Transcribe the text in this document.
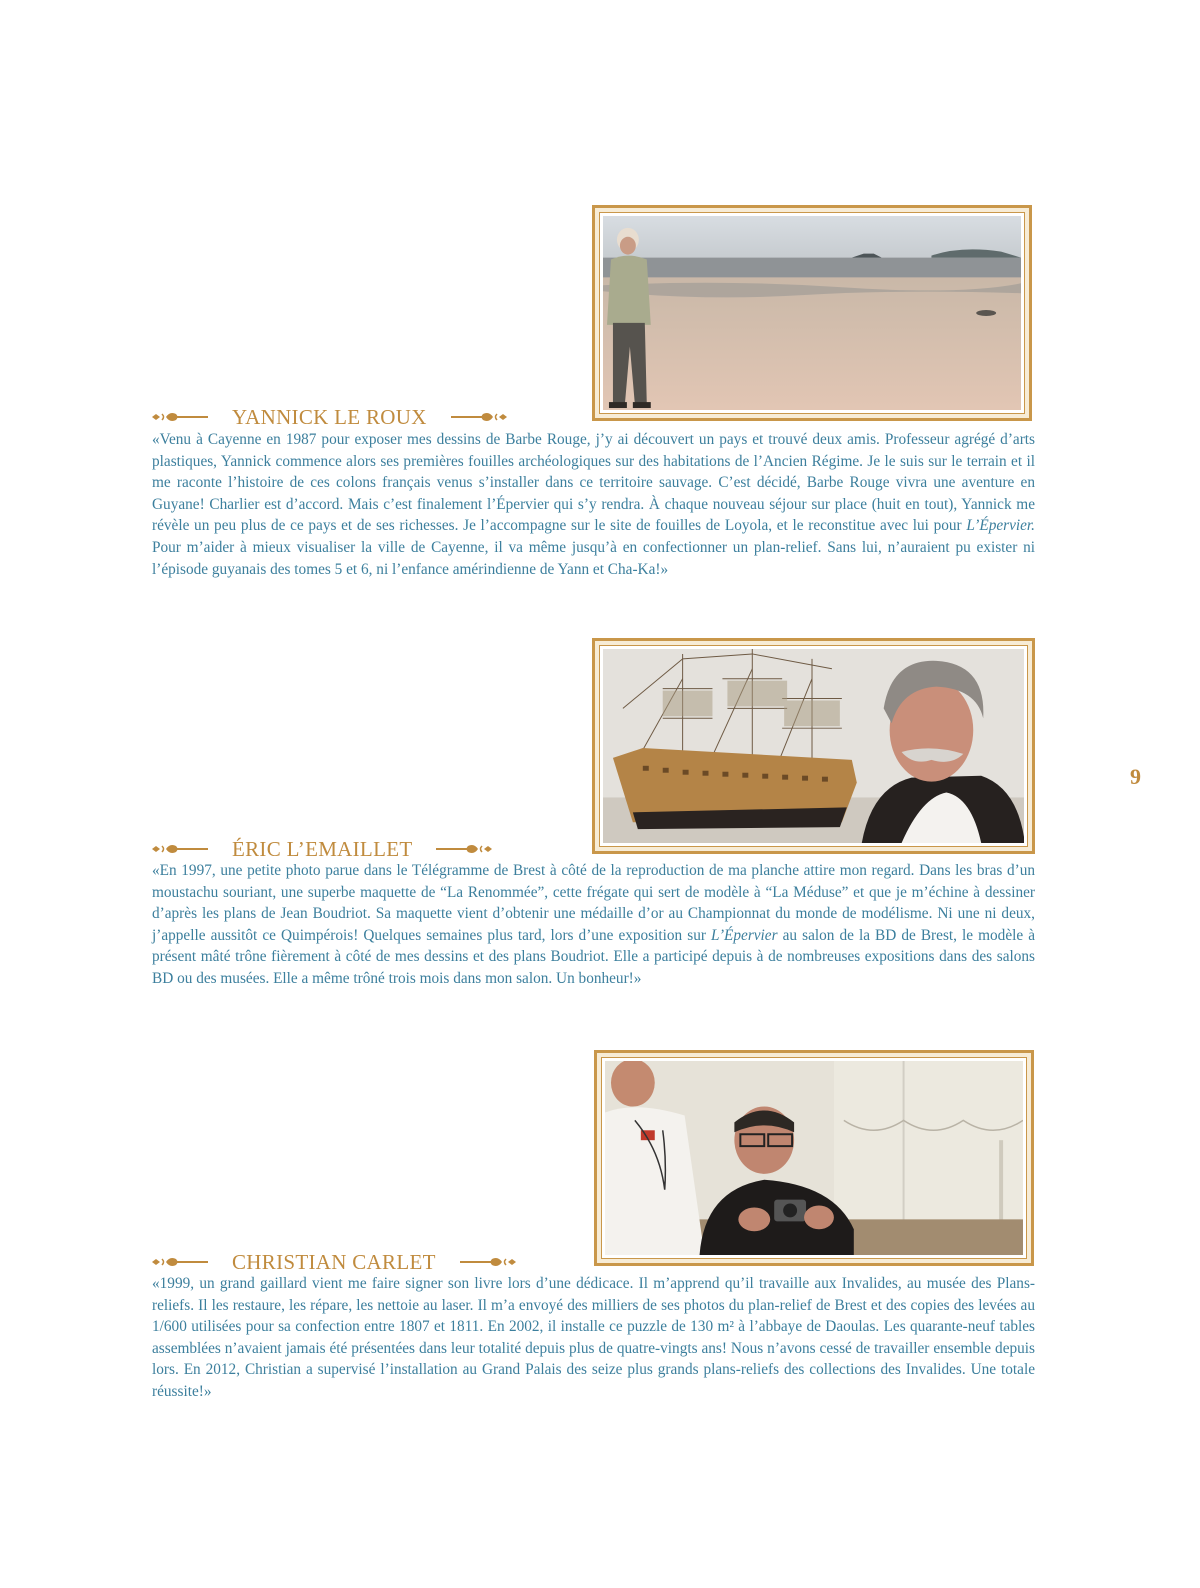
YANNICK LE ROUX

«Venu à Cayenne en 1987 pour exposer mes dessins de Barbe Rouge, j’y ai découvert un pays et trouvé deux amis. Professeur agrégé d’arts plastiques, Yannick commence alors ses premières fouilles archéologiques sur des habitations de l’Ancien Régime. Je le suis sur le terrain et il me raconte l’histoire de ces colons français venus s’installer dans ce territoire sauvage. C’est décidé, Barbe Rouge vivra une aventure en Guyane! Charlier est d’accord. Mais c’est finalement l’Épervier qui s’y rendra. À chaque nouveau séjour sur place (huit en tout), Yannick me révèle un peu plus de ce pays et de ses richesses. Je l’accompagne sur le site de fouilles de Loyola, et le reconstitue avec lui pour L’Épervier. Pour m’aider à mieux visualiser la ville de Cayenne, il va même jusqu’à en confectionner un plan-relief. Sans lui, n’auraient pu exister ni l’épisode guyanais des tomes 5 et 6, ni l’enfance amérindienne de Yann et Cha-Ka!»

ÉRIC L’EMAILLET

«En 1997, une petite photo parue dans le Télégramme de Brest à côté de la reproduction de ma planche attire mon regard. Dans les bras d’un moustachu souriant, une superbe maquette de “La Renommée”, cette frégate qui sert de modèle à “La Méduse” et que je m’échine à dessiner d’après les plans de Jean Boudriot. Sa maquette vient d’obtenir une médaille d’or au Championnat du monde de modélisme. Ni une ni deux, j’appelle aussitôt ce Quimpérois! Quelques semaines plus tard, lors d’une exposition sur L’Épervier au salon de la BD de Brest, le modèle à présent mâté trône fièrement à côté de mes dessins et des plans Boudriot. Elle a participé depuis à de nombreuses expositions dans des salons BD ou des musées. Elle a même trôné trois mois dans mon salon. Un bonheur!»

9
CHRISTIAN CARLET

«1999, un grand gaillard vient me faire signer son livre lors d’une dédicace. Il m’apprend qu’il travaille aux Invalides, au musée des Plans-reliefs. Il les restaure, les répare, les nettoie au laser. Il m’a envoyé des milliers de ses photos du plan-relief de Brest et des copies des levées au 1/600 utilisées pour sa confection entre 1807 et 1811. En 2002, il installe ce puzzle de 130 m² à l’abbaye de Daoulas. Les quarante-neuf tables assemblées n’avaient jamais été présentées dans leur totalité depuis plus de quatre-vingts ans! Nous n’avons cessé de travailler ensemble depuis lors. En 2012, Christian a supervisé l’installation au Grand Palais des seize plus grands plans-reliefs des collections des Invalides. Une totale réussite!»
